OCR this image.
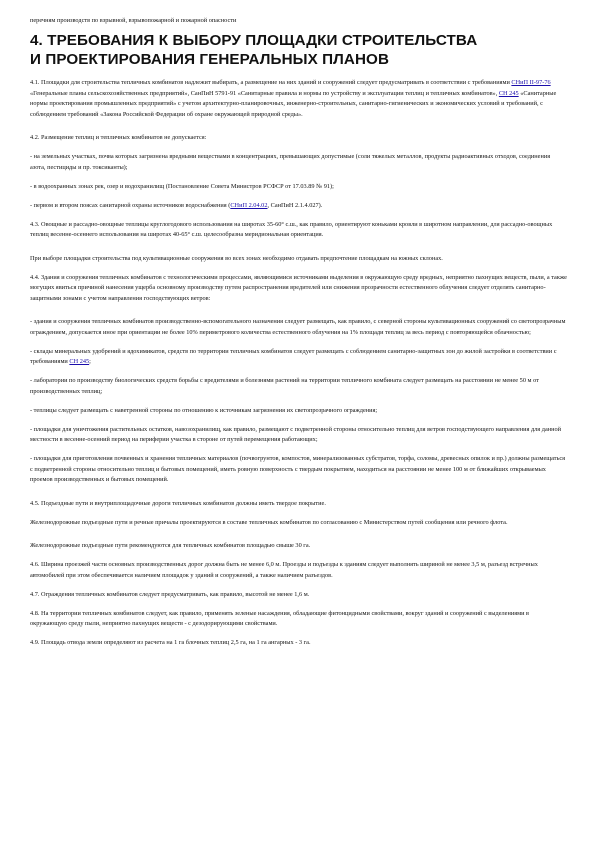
перечням производств по взрывной, взрывопожарной и пожарной опасности
4. ТРЕБОВАНИЯ К ВЫБОРУ ПЛОЩАДКИ СТРОИТЕЛЬСТВА
И ПРОЕКТИРОВАНИЯ ГЕНЕРАЛЬНЫХ ПЛАНОВ
4.1. Площадки для строительства тепличных комбинатов надлежит выбирать, а размещение на них зданий и сооружений следует предусматривать в соответствии с требованиями СНиП II-97-76 «Генеральные планы сельскохозяйственных предприятий», СанПиН 5791-91 «Санитарные правила и нормы по устройству и эксплуатации теплиц и тепличных комбинатов», СН 245 «Санитарные нормы проектирования промышленных предприятий» с учетом архитектурно-планировочных, инженерно-строительных, санитарно-гигиенических и экономических условий и требований, с соблюдением требований «Закона Российской Федерации об охране окружающей природной среды».
4.2. Размещение теплиц и тепличных комбинатов не допускается:
- на земельных участках, почва которых загрязнена вредными веществами в концентрациях, превышающих допустимые (соли тяжелых металлов, продукты радиоактивных отходов, соединения азота, пестициды и пр. токсиканты);
- в водоохранных зонах рек, озер и водохранилищ (Постановление Совета Министров РСФСР от 17.03.89 № 91);
- первом и втором поясах санитарной охраны источников водоснабжения (СНиП 2.04.02, СанПиН 2.1.4.027).
4.3. Овощные и рассадно-овощные теплицы круглогодового использования на широтах 35-60° с.ш., как правило, ориентируют коньками кровли в широтном направлении, для рассадно-овощных теплиц весенне-осеннего использования на широтах 40-65° с.ш. целесообразна меридиональная ориентация.
При выборе площадки строительства под культивационные сооружения во всех зонах необходимо отдавать предпочтение площадкам на южных склонах.
4.4. Здания и сооружения тепличных комбинатов с технологическими процессами, являющимися источниками выделения в окружающую среду вредных, неприятно пахнущих веществ, пыли, а также могущих явиться причиной нанесения ущерба основному производству путем распространения вредителей или снижения прозрачности естественного облучения следует отделять санитарно-защитными зонами с учетом направления господствующих ветров:
- здания и сооружения тепличных комбинатов производственно-вспомогательного назначения следует размещать, как правило, с северной стороны культивационных сооружений со светопрозрачным ограждением, допускается иное при ориентации не более 10% периметрового количества естественного облучения на 1% площади теплиц за весь период с повторяющейся облачностью;
- склады минеральных удобрений и ядохимикатов, средств по территории тепличных комбинатов следует размещать с соблюдением санитарно-защитных зон до жилой застройки в соответствии с требованиями СН 245;
- лаборатории по производству биологических средств борьбы с вредителями и болезнями растений на территории тепличного комбината следует размещать на расстоянии не менее 50 м от производственных теплиц;
- теплицы следует размещать с наветренной стороны по отношению к источникам загрязнения их светопрозрачного ограждения;
- площадки для уничтожения растительных остатков, навозохранилищ, как правило, размещают с подветренной стороны относительно теплиц для ветров господствующего направления для данной местности в весенне-осенний период на периферии участка в стороне от путей перемещения работающих;
- площадки для приготовления почвенных и хранения тепличных материалов (почвогрунтов, компостов, минерализованных субстратов, торфа, соломы, древесных опилок и пр.) должны размещаться с подветренной стороны относительно теплиц и бытовых помещений, иметь ровную поверхность с твердым покрытием, находиться на расстоянии не менее 100 м от ближайших открываемых проемов производственных и бытовых помещений.
4.5. Подъездные пути и внутриплощадочные дороги тепличных комбинатов должны иметь твердое покрытие.
Железнодорожные подъездные пути и речные причалы проектируются в составе тепличных комбинатов по согласованию с Министерством путей сообщения или речного флота.
Железнодорожные подъездные пути рекомендуются для тепличных комбинатов площадью свыше 30 га.
4.6. Ширина проезжей части основных производственных дорог должна быть не менее 6,0 м. Проезды и подъезды к зданиям следует выполнять шириной не менее 3,5 м, разъезд встречных автомобилей при этом обеспечивается наличием площадок у зданий и сооружений, а также наличием разъездов.
4.7. Ограждения тепличных комбинатов следует предусматривать, как правило, высотой не менее 1,6 м.
4.8. На территории тепличных комбинатов следует, как правило, применять зеленые насаждения, обладающие фитонцидными свойствами, вокруг зданий и сооружений с выделениями в окружающую среду пыли, неприятно пахнущих веществ - с дезодорирующими свойствами.
4.9. Площадь отвода земли определяют из расчета на 1 га блочных теплиц 2,5 га, на 1 га ангарных - 3 га.
